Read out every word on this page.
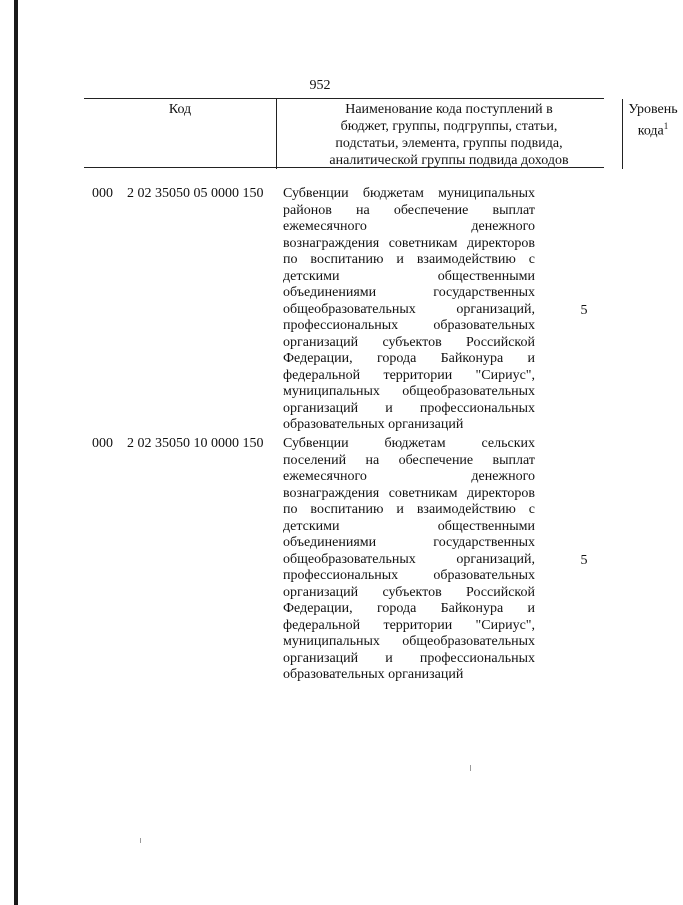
952
Код	Наименование кода поступлений в
бюджет, группы, подгруппы, статьи,
подстатьи, элемента, группы подвида,
аналитической группы подвида доходов
Уровень
кода$^1$
000 2 02 35050 05 0000 150 Субвенции бюджетам муниципальных
районов на обеспечение выплат
ежемесячного денежного
вознаграждения советникам директоров
по воспитанию и взаимодействию с
детскими общественными
объединениями государственных
общеобразовательных организаций,
профессиональных образовательных
организаций субъектов Российской
Федерации, города Байконура и
федеральной территории "Сириус",
муниципальных общеобразовательных
организаций и профессиональных
образовательных организаций
5
000 2 02 35050 10 0000 150 Субвенции бюджетам сельских
поселений на обеспечение выплат
ежемесячного денежного
вознаграждения советникам директоров
по воспитанию и взаимодействию с
детскими общественными
объединениями государственных
общеобразовательных организаций,
профессиональных образовательных
организаций субъектов Российской
Федерации, города Байконура и
федеральной территории "Сириус",
муниципальных общеобразовательных
организаций и профессиональных
образовательных организаций
5
